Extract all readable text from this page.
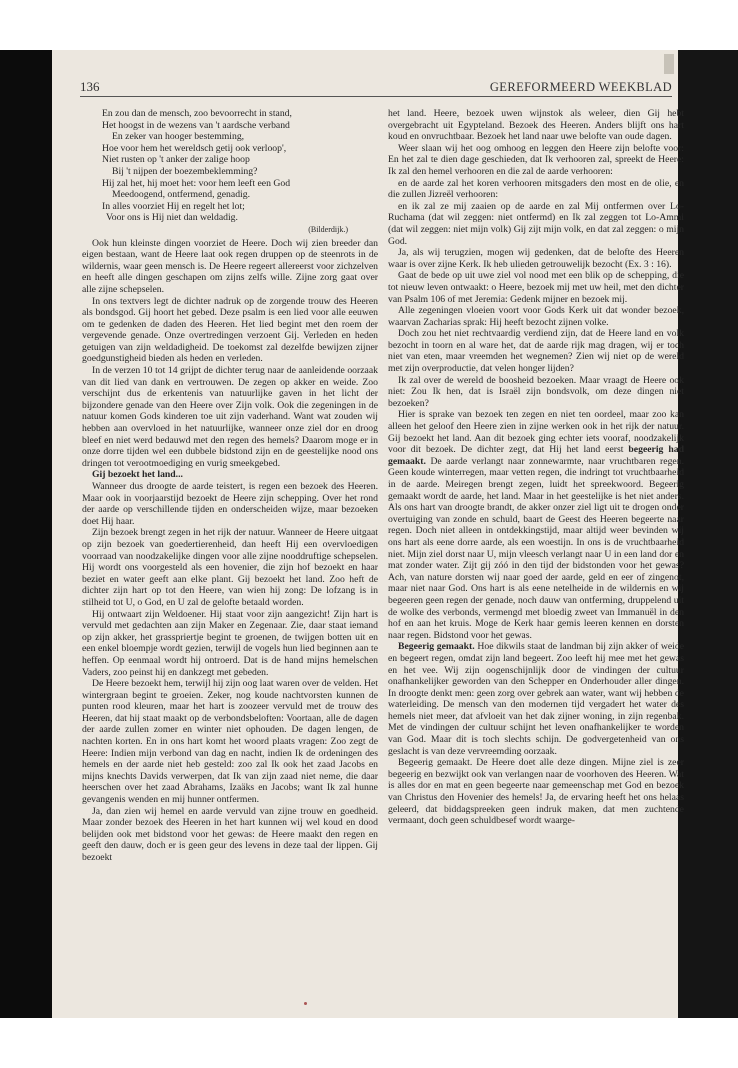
136	GEREFORMEERD WEEKBLAD
En zou dan de mensch, zoo bevoorrecht in stand,
Het hoogst in de wezens van 't aardsche verband
En zeker van hooger bestemming,
Hoe voor hem het wereldsch getij ook verloop',
Niet rusten op 't anker der zalige hoop
Bij 't nijpen der boezembeklemming?
Hij zal het, hij moet het: voor hem leeft een God
Meedoogend, ontfermend, genadig.
In alles voorziet Hij en regelt het lot;
Voor ons is Hij niet dan weldadig.
(Bilderdijk.)

Ook hun kleinste dingen voorziet de Heere. Doch wij zien breeder dan eigen bestaan, want de Heere laat ook regen druppen op de steenrots in de wildernis, waar geen mensch is. De Heere regeert allereerst voor zichzelven en heeft alle dingen geschapen om zijns zelfs wille. Zijne zorg gaat over alle zijne schepselen.

In ons textvers legt de dichter nadruk op de zorgende trouw des Heeren als bondsgod. Gij hoort het gebed. Deze psalm is een lied voor alle eeuwen om te gedenken de daden des Heeren. Het lied begint met den roem der vergevende genade. Onze overtredingen verzoent Gij. Verleden en heden getuigen van zijn weldadigheid. De toekomst zal dezelfde bewijzen zijner goedgunstigheid bieden als heden en verleden.

In de verzen 10 tot 14 grijpt de dichter terug naar de aanleidende oorzaak van dit lied van dank en vertrouwen. De zegen op akker en weide. Zoo verschijnt dus de erkentenis van natuurlijke gaven in het licht der bijzondere genade van den Heere over Zijn volk. Ook die zegeningen in de natuur komen Gods kinderen toe uit zijn vaderhand. Want wat zouden wij hebben aan overvloed in het natuurlijke, wanneer onze ziel dor en droog bleef en niet werd bedauwd met den regen des hemels? Daarom moge er in onze dorre tijden wel een dubbele bidstond zijn en de geestelijke nood ons dringen tot verootmoediging en vurig smeekgebed.

Gij bezoekt het land...

Wanneer dus droogte de aarde teistert, is regen een bezoek des Heeren. Maar ook in voorjaarstijd bezoekt de Heere zijn schepping. Over het rond der aarde op verschillende tijden en onderscheiden wijze, maar bezoeken doet Hij haar.

Zijn bezoek brengt zegen in het rijk der natuur. Wanneer de Heere uitgaat op zijn bezoek van goedertierenheid, dan heeft Hij een overvloedigen voorraad van noodzakelijke dingen voor alle zijne nooddruftige schepselen. Hij wordt ons voorgesteld als een hovenier, die zijn hof bezoekt en haar beziet en water geeft aan elke plant. Gij bezoekt het land. Zoo heft de dichter zijn hart op tot den Heere, van wien hij zong: De lofzang is in stilheid tot U, o God, en U zal de gelofte betaald worden.

Hij ontwaart zijn Weldoener. Hij staat voor zijn aangezicht! Zijn hart is vervuld met gedachten aan zijn Maker en Zegenaar. Zie, daar staat iemand op zijn akker, het grasspriertje begint te groenen, de twijgen botten uit en een enkel bloempje wordt gezien, terwijl de vogels hun lied beginnen aan te heffen. Op eenmaal wordt hij ontroerd. Dat is de hand mijns hemelschen Vaders, zoo peinst hij en dankzegt met gebeden.

De Heere bezoekt hem, terwijl hij zijn oog laat waren over de velden. Het wintergraan begint te groeien. Zeker, nog koude nachtvorsten kunnen de punten rood kleuren, maar het hart is zoozeer vervuld met de trouw des Heeren, dat hij staat maakt op de verbondsbeloften: Voortaan, alle de dagen der aarde zullen zomer en winter niet ophouden. De dagen lengen, de nachten korten. En in ons hart komt het woord plaats vragen: Zoo zegt de Heere: Indien mijn verbond van dag en nacht, indien Ik de ordeningen des hemels en der aarde niet heb gesteld: zoo zal Ik ook het zaad Jacobs en mijns knechts Davids verwerpen, dat Ik van zijn zaad niet neme, die daar heerschen over het zaad Abrahams, Izaäks en Jacobs; want Ik zal hunne gevangenis wenden en mij hunner ontfermen.

Ja, dan zien wij hemel en aarde vervuld van zijne trouw en goedheid. Maar zonder bezoek des Heeren in het hart kunnen wij wel koud en dood belijden ook met bidstond voor het gewas: de Heere maakt den regen en geeft den dauw, doch er is geen geur des levens in deze taal der lippen. Gij bezoekt

het land. Heere, bezoek uwen wijnstok als weleer, dien Gij hebt overgebracht uit Egypteland. Bezoek des Heeren. Anders blijft ons hart koud en onvruchtbaar. Bezoek het land naar uwe belofte van oude dagen.

Weer slaan wij het oog omhoog en leggen den Heere zijn belofte voor: En het zal te dien dage geschieden, dat Ik verhooren zal, spreekt de Heere: Ik zal den hemel verhooren en die zal de aarde verhooren:

en de aarde zal het koren verhooren mitsgaders den most en de olie, en die zullen Jizreël verhooren:

en ik zal ze mij zaaien op de aarde en zal Mij ontfermen over Lo-Ruchama (dat wil zeggen: niet ontfermd) en Ik zal zeggen tot Lo-Ammi (dat wil zeggen: niet mijn volk) Gij zijt mijn volk, en dat zal zeggen: o mijn God.

Ja, als wij terugzien, mogen wij gedenken, dat de belofte des Heeren waar is over zijne Kerk. Ik heb ulieden getrouwelijk bezocht (Ex. 3 : 16).

Gaat de bede op uit uwe ziel vol nood met een blik op de schepping, die tot nieuw leven ontwaakt: o Heere, bezoek mij met uw heil, met den dichter van Psalm 106 of met Jeremia: Gedenk mijner en bezoek mij.

Alle zegeningen vloeien voort voor Gods Kerk uit dat wonder bezoek, waarvan Zacharias sprak: Hij heeft bezocht zijnen volke.

Doch zou het niet rechtvaardig verdiend zijn, dat de Heere land en volk bezocht in toorn en al ware het, dat de aarde rijk mag dragen, wij er toch niet van eten, maar vreemden het wegnemen? Zien wij niet op de wereld met zijn overproductie, dat velen honger lijden?

Ik zal over de wereld de boosheid bezoeken. Maar vraagt de Heere ook niet: Zou Ik hen, dat is Israël zijn bondsvolk, om deze dingen niet bezoeken?

Hier is sprake van bezoek ten zegen en niet ten oordeel, maar zoo kan alleen het geloof den Heere zien in zijne werken ook in het rijk der natuur. Gij bezoekt het land. Aan dit bezoek ging echter iets vooraf, noodzakelijk voor dit bezoek. De dichter zegt, dat Hij het land eerst begeerig had gemaakt. De aarde verlangt naar zonnewarmte, naar vruchtbaren regen. Geen koude winterregen, maar vetten regen, die indringt tot vruchtbaarheid in de aarde. Meiregen brengt zegen, luidt het spreekwoord. Begeerig gemaakt wordt de aarde, het land. Maar in het geestelijke is het niet anders. Als ons hart van droogte brandt, de akker onzer ziel ligt uit te drogen onder overtuiging van zonde en schuld, baart de Geest des Heeren begeerte naar regen. Doch niet alleen in ontdekkingstijd, maar altijd weer bevinden wij ons hart als eene dorre aarde, als een woestijn. In ons is de vruchtbaarheid niet. Mijn ziel dorst naar U, mijn vleesch verlangt naar U in een land dor en mat zonder water. Zijt gij zóó in den tijd der bidstonden voor het gewas? Ach, van nature dorsten wij naar goed der aarde, geld en eer of zingenot, maar niet naar God. Ons hart is als eene netelheide in de wildernis en wij begeeren geen regen der genade, noch dauw van ontferming, druppelend uit de wolke des verbonds, vermengd met bloedig zweet van Immanuël in den hof en aan het kruis. Moge de Kerk haar gemis leeren kennen en dorsten naar regen. Bidstond voor het gewas.

Begeerig gemaakt. Hoe dikwils staat de landman bij zijn akker of weide en begeert regen, omdat zijn land begeert. Zoo leeft hij mee met het gewas en het vee. Wij zijn oogenschijnlijk door de vindingen der cultuur onafhankelijker geworden van den Schepper en Onderhouder aller dingen. In droogte denkt men: geen zorg over gebrek aan water, want wij hebben de waterleiding. De mensch van den modernen tijd vergadert het water des hemels niet meer, dat afvloeit van het dak zijner woning, in zijn regenbak. Met de vindingen der cultuur schijnt het leven onafhankelijker te worden van God. Maar dit is toch slechts schijn. De godvergetenheid van ons geslacht is van deze vervreemding oorzaak.

Begeerig gemaakt. De Heere doet alle deze dingen. Mijne ziel is zeer begeerig en bezwijkt ook van verlangen naar de voorhoven des Heeren. Wat is alles dor en mat en geen begeerte naar gemeenschap met God en bezoek van Christus den Hovenier des hemels! Ja, de ervaring heeft het ons helaas geleerd, dat biddagspreeken geen indruk maken, dat men zuchtende vermaant, doch geen schuldbesef wordt waarge-
